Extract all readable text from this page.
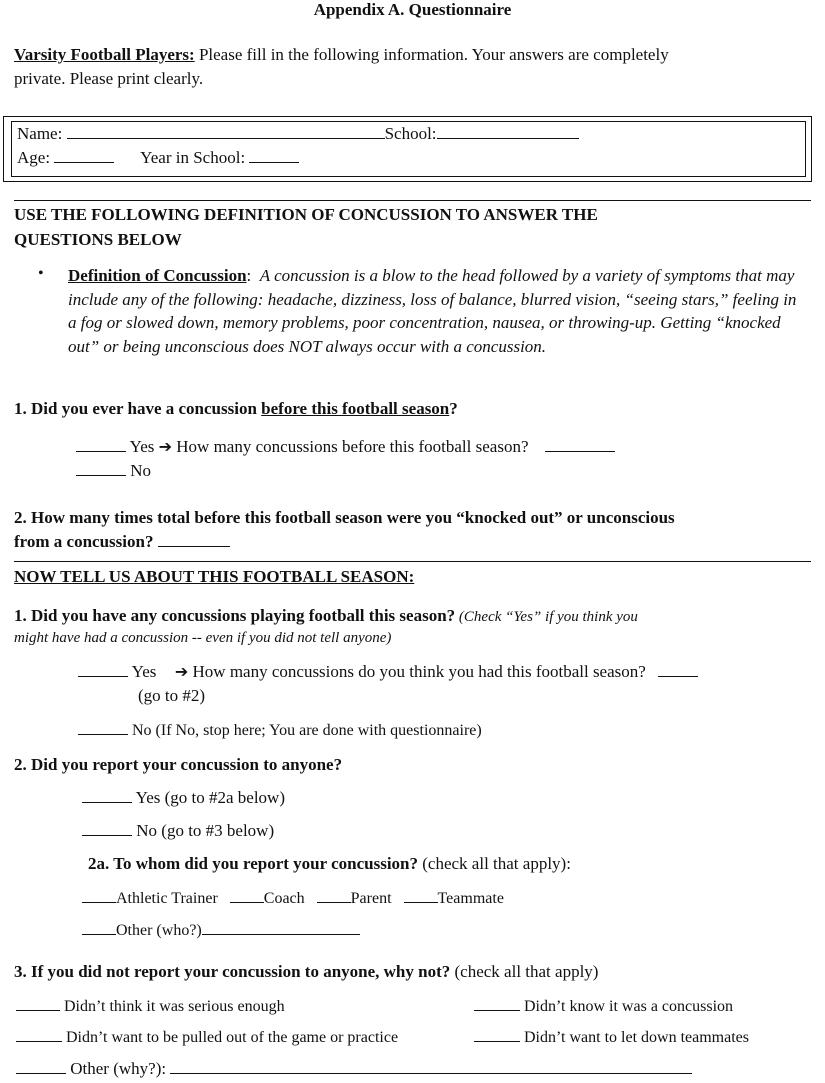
Appendix A. Questionnaire
Varsity Football Players: Please fill in the following information. Your answers are completely
private. Please print clearly.
Name:	School:
Age:	Year in School:
USE THE FOLLOWING DEFINITION OF CONCUSSION TO ANSWER THE
QUESTIONS BELOW
• Definition of Concussion: A concussion is a blow to the head followed by a variety of symptoms that may include any of the following: headache, dizziness, loss of balance, blurred vision, “seeing stars,” feeling in a fog or slowed down, memory problems, poor concentration, nausea, or throwing-up. Getting “knocked out” or being unconscious does NOT always occur with a concussion.
1. Did you ever have a concussion before this football season?
Yes ➔ How many concussions before this football season?
No
2. How many times total before this football season were you “knocked out” or unconscious
from a concussion?
NOW TELL US ABOUT THIS FOOTBALL SEASON:
1. Did you have any concussions playing football this season? (Check “Yes” if you think you
might have had a concussion -- even if you did not tell anyone)
Yes ➔ How many concussions do you think you had this football season?
(go to #2)
No (If No, stop here; You are done with questionnaire)
2. Did you report your concussion to anyone?
Yes (go to #2a below)
No (go to #3 below)
2a. To whom did you report your concussion? (check all that apply):
Athletic Trainer	Coach	Parent	Teammate
Other (who?)
3. If you did not report your concussion to anyone, why not? (check all that apply)
Didn’t think it was serious enough	Didn’t know it was a concussion
Didn’t want to be pulled out of the game or practice	Didn’t want to let down teammates
Other (why?):
